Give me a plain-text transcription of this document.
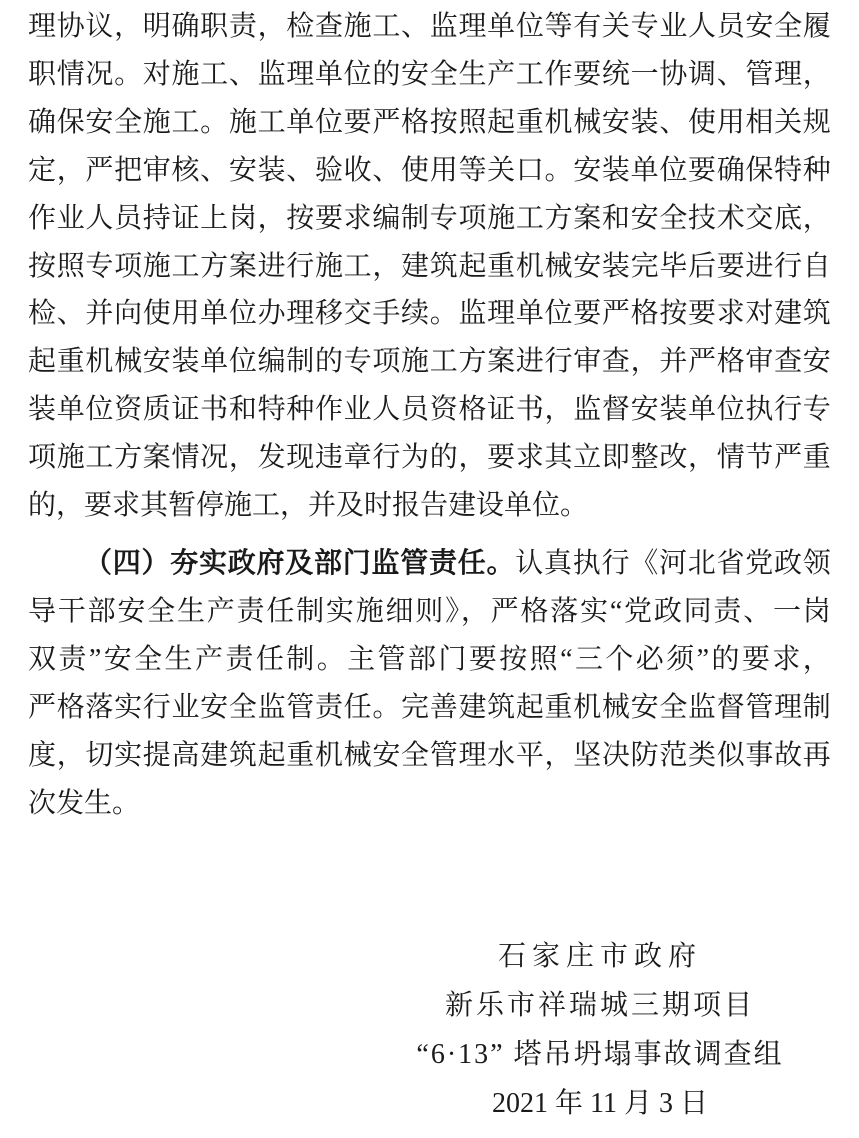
理协议，明确职责，检查施工、监理单位等有关专业人员安全履
职情况。对施工、监理单位的安全生产工作要统一协调、管理，
确保安全施工。施工单位要严格按照起重机械安装、使用相关规
定，严把审核、安装、验收、使用等关口。安装单位要确保特种
作业人员持证上岗，按要求编制专项施工方案和安全技术交底，
按照专项施工方案进行施工，建筑起重机械安装完毕后要进行自
检、并向使用单位办理移交手续。监理单位要严格按要求对建筑
起重机械安装单位编制的专项施工方案进行审查，并严格审查安
装单位资质证书和特种作业人员资格证书，监督安装单位执行专
项施工方案情况，发现违章行为的，要求其立即整改，情节严重
的，要求其暂停施工，并及时报告建设单位。
（四）夯实政府及部门监管责任。认真执行《河北省党政领
导干部安全生产责任制实施细则》，严格落实“党政同责、一岗
双责”安全生产责任制。主管部门要按照“三个必须”的要求，
严格落实行业安全监管责任。完善建筑起重机械安全监督管理制
度，切实提高建筑起重机械安全管理水平，坚决防范类似事故再
次发生。
石家庄市政府
新乐市祥瑞城三期项目
“6·13” 塔吊坍塌事故调查组
2021 年 11 月 3 日
